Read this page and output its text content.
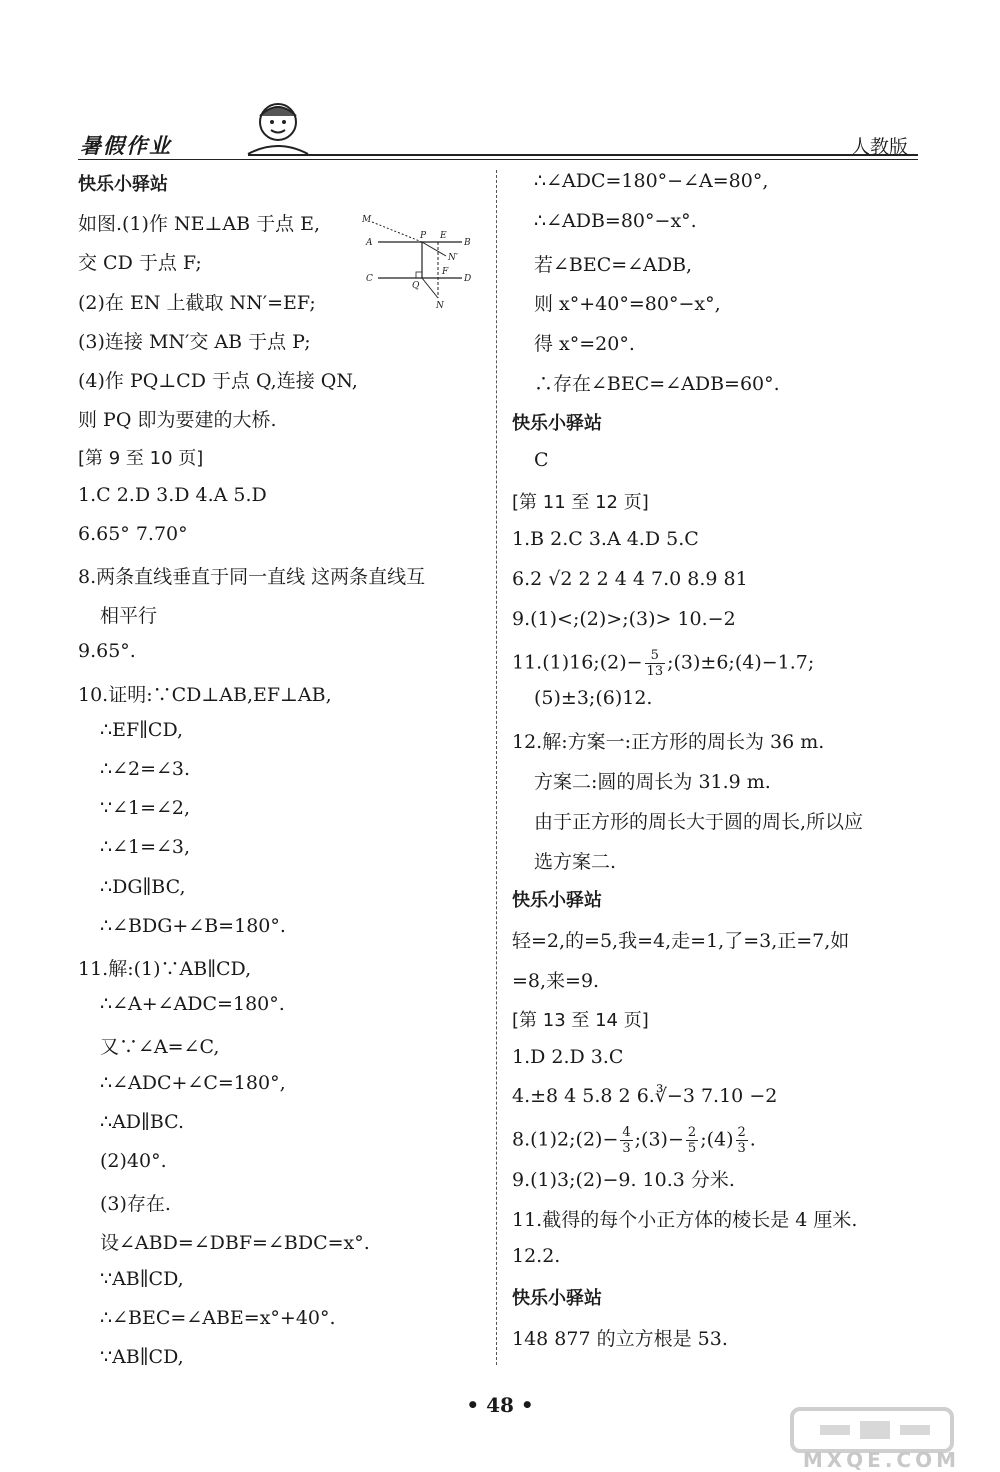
暑假作业	人教版
快乐小驿站
如图.(1)作 NE⊥AB 于点 E,
交 CD 于点 F;
(2)在 EN 上截取 NN′=EF;
(3)连接 MN′交 AB 于点 P;
(4)作 PQ⊥CD 于点 Q,连接 QN,
则 PQ 即为要建的大桥.
[第 9 至 10 页]
1.C 2.D 3.D 4.A 5.D
6.65° 7.70°
8.两条直线垂直于同一直线 这两条直线互
相平行
9.65°.
10.证明:∵CD⊥AB,EF⊥AB,
∴EF∥CD,
∴∠2=∠3.
∵∠1=∠2,
∴∠1=∠3,
∴DG∥BC,
∴∠BDG+∠B=180°.
11.解:(1)∵AB∥CD,
∴∠A+∠ADC=180°.
又∵∠A=∠C,
∴∠ADC+∠C=180°,
∴AD∥BC.
(2)40°.
(3)存在.
设∠ABD=∠DBF=∠BDC=x°.
∵AB∥CD,
∴∠BEC=∠ABE=x°+40°.
∵AB∥CD,
∴∠ADC=180°−∠A=80°,
∴∠ADB=80°−x°.
若∠BEC=∠ADB,
则 x°+40°=80°−x°,
得 x°=20°.
∴存在∠BEC=∠ADB=60°.
快乐小驿站
C
[第 11 至 12 页]
1.B 2.C 3.A 4.D 5.C
6.2 √2 2 2 4 4 7.0 8.9 81
9.(1)<;(2)>;(3)> 10.−2
11.(1)16;(2)− $\frac{5}{13}$ ;(3)±6;(4)−1.7;
(5)±3;(6)12.
12.解:方案一:正方形的周长为 36 m.
方案二:圆的周长为 31.9 m.
由于正方形的周长大于圆的周长,所以应
选方案二.
快乐小驿站
轻=2,的=5,我=4,走=1,了=3,正=7,如
=8,来=9.
[第 13 至 14 页]
1.D 2.D 3.C
4.±8 4 5.8 2 6.∛−3 7.10 −2
8.(1)2;(2)− $\frac{4}{3}$ ;(3)− $\frac{2}{5}$ ;(4) $\frac{2}{3}$ .
9.(1)3;(2)−9. 10.3 分米.
11.截得的每个小正方体的棱长是 4 厘米.
12.2.
快乐小驿站
148 877 的立方根是 53.
M
A
P E
B
N′
F
C
Q
D
N
• 48 •
MXQE.COM
